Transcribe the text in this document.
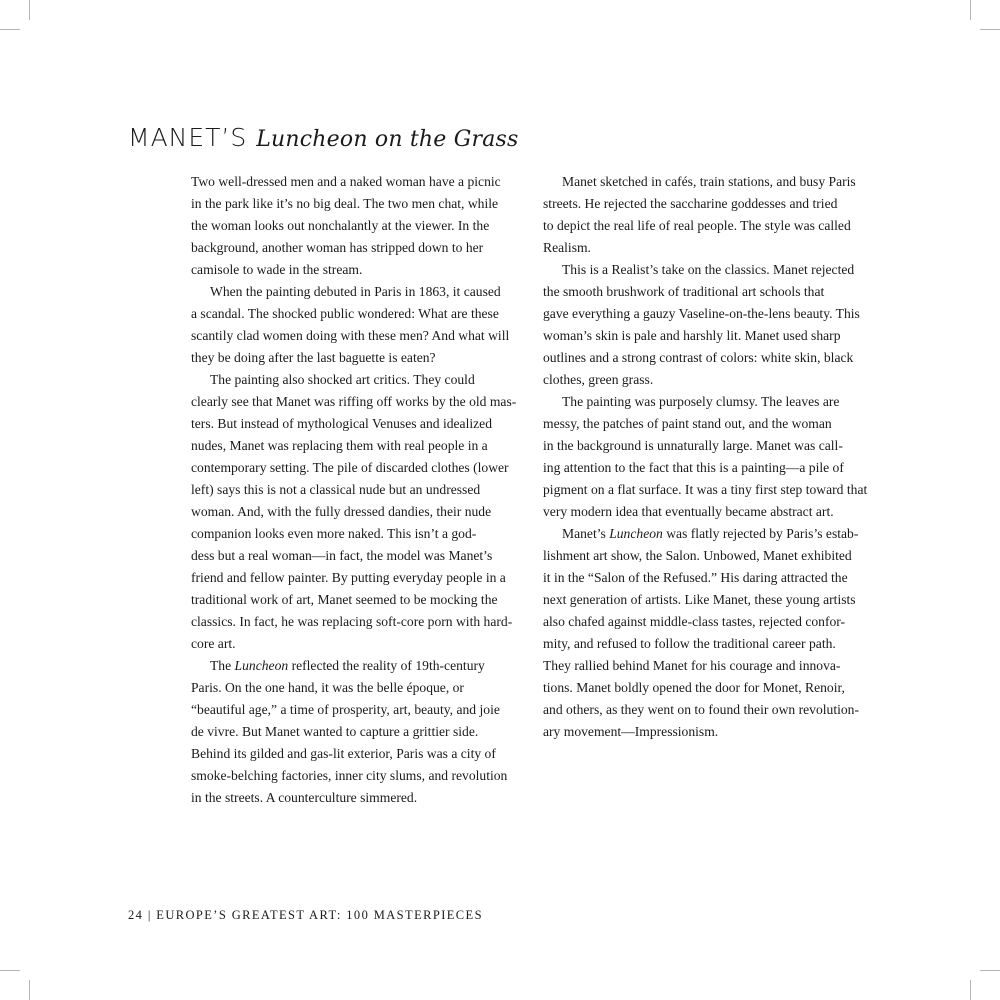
MANET’S Luncheon on the Grass
Two well-dressed men and a naked woman have a picnic
in the park like it’s no big deal. The two men chat, while
the woman looks out nonchalantly at the viewer. In the
background, another woman has stripped down to her
camisole to wade in the stream.
When the painting debuted in Paris in 1863, it caused
a scandal. The shocked public wondered: What are these
scantily clad women doing with these men? And what will
they be doing after the last baguette is eaten?
The painting also shocked art critics. They could
clearly see that Manet was riffing off works by the old mas-
ters. But instead of mythological Venuses and idealized
nudes, Manet was replacing them with real people in a
contemporary setting. The pile of discarded clothes (lower
left) says this is not a classical nude but an undressed
woman. And, with the fully dressed dandies, their nude
companion looks even more naked. This isn’t a god-
dess but a real woman—in fact, the model was Manet’s
friend and fellow painter. By putting everyday people in a
traditional work of art, Manet seemed to be mocking the
classics. In fact, he was replacing soft-core porn with hard-
core art.
The Luncheon reflected the reality of 19th-century
Paris. On the one hand, it was the belle époque, or
“beautiful age,” a time of prosperity, art, beauty, and joie
de vivre. But Manet wanted to capture a grittier side.
Behind its gilded and gas-lit exterior, Paris was a city of
smoke-belching factories, inner city slums, and revolution
in the streets. A counterculture simmered.
Manet sketched in cafés, train stations, and busy Paris
streets. He rejected the saccharine goddesses and tried
to depict the real life of real people. The style was called
Realism.
This is a Realist’s take on the classics. Manet rejected
the smooth brushwork of traditional art schools that
gave everything a gauzy Vaseline-on-the-lens beauty. This
woman’s skin is pale and harshly lit. Manet used sharp
outlines and a strong contrast of colors: white skin, black
clothes, green grass.
The painting was purposely clumsy. The leaves are
messy, the patches of paint stand out, and the woman
in the background is unnaturally large. Manet was call-
ing attention to the fact that this is a painting—a pile of
pigment on a flat surface. It was a tiny first step toward that
very modern idea that eventually became abstract art.
Manet’s Luncheon was flatly rejected by Paris’s estab-
lishment art show, the Salon. Unbowed, Manet exhibited
it in the “Salon of the Refused.” His daring attracted the
next generation of artists. Like Manet, these young artists
also chafed against middle-class tastes, rejected confor-
mity, and refused to follow the traditional career path.
They rallied behind Manet for his courage and innova-
tions. Manet boldly opened the door for Monet, Renoir,
and others, as they went on to found their own revolution-
ary movement—Impressionism.
24 | EUROPE’S GREATEST ART: 100 MASTERPIECES
